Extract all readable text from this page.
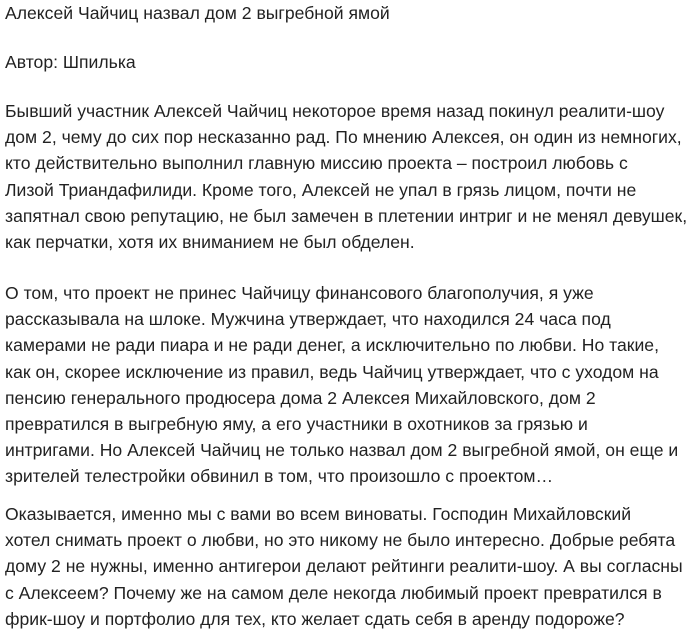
Алексей Чайчиц назвал дом 2 выгребной ямой

Автор: Шпилька

Бывший участник Алексей Чайчиц некоторое время назад покинул реалити-шоу
дом 2, чему до сих пор несказанно рад. По мнению Алексея, он один из немногих,
кто действительно выполнил главную миссию проекта – построил любовь с
Лизой Триандафилиди. Кроме того, Алексей не упал в грязь лицом, почти не
запятнал свою репутацию, не был замечен в плетении интриг и не менял девушек,
как перчатки, хотя их вниманием не был обделен.

О том, что проект не принес Чайчицу финансового благополучия, я уже
рассказывала на шлоке. Мужчина утверждает, что находился 24 часа под
камерами не ради пиара и не ради денег, а исключительно по любви. Но такие,
как он, скорее исключение из правил, ведь Чайчиц утверждает, что с уходом на
пенсию генерального продюсера дома 2 Алексея Михайловского, дом 2
превратился в выгребную яму, а его участники в охотников за грязью и
интригами. Но Алексей Чайчиц не только назвал дом 2 выгребной ямой, он еще и
зрителей телестройки обвинил в том, что произошло с проектом…

Оказывается, именно мы с вами во всем виноваты. Господин Михайловский
хотел снимать проект о любви, но это никому не было интересно. Добрые ребята
дому 2 не нужны, именно антигерои делают рейтинги реалити-шоу. А вы согласны
с Алексеем? Почему же на самом деле некогда любимый проект превратился в
фрик-шоу и портфолио для тех, кто желает сдать себя в аренду подороже?
